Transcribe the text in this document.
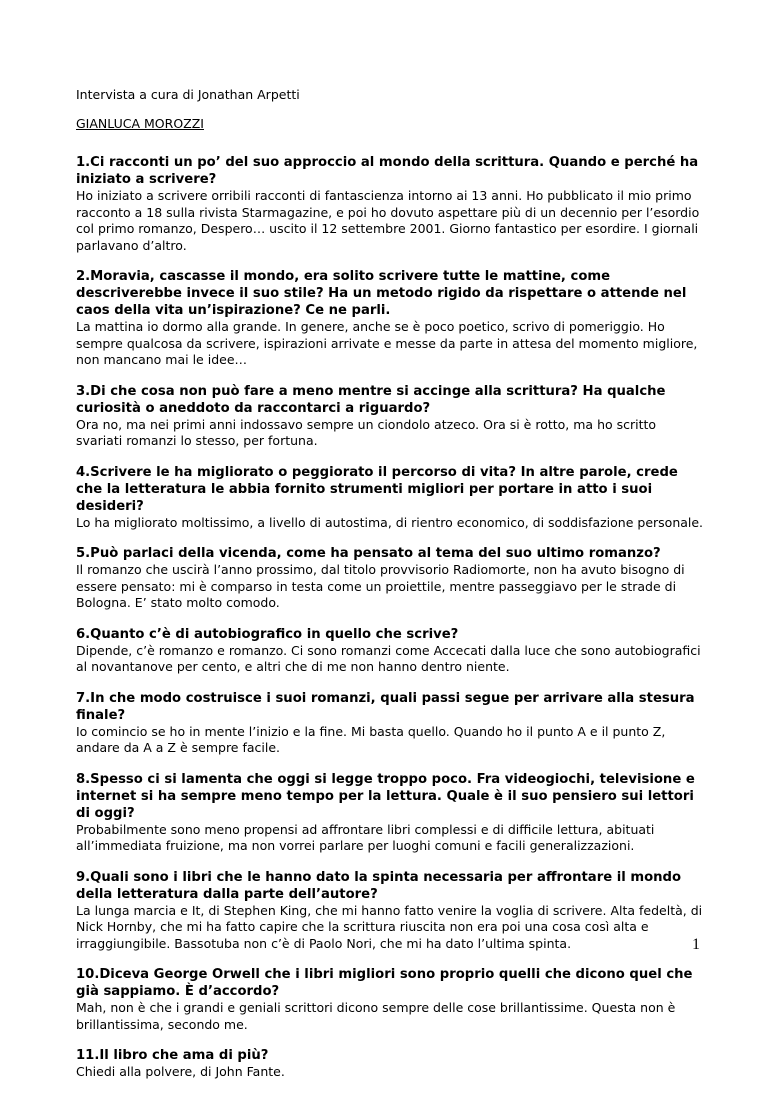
Intervista a cura di Jonathan Arpetti

GIANLUCA MOROZZI

1.Ci racconti un po’ del suo approccio al mondo della scrittura. Quando e perché ha iniziato a scrivere?

Ho iniziato a scrivere orribili racconti di fantascienza intorno ai 13 anni. Ho pubblicato il mio primo racconto a 18 sulla rivista Starmagazine, e poi ho dovuto aspettare più di un decennio per l’esordio col primo romanzo, Despero… uscito il 12 settembre 2001. Giorno fantastico per esordire. I giornali parlavano d’altro.

2.Moravia, cascasse il mondo, era solito scrivere tutte le mattine, come descriverebbe invece il suo stile? Ha un metodo rigido da rispettare o attende nel caos della vita un’ispirazione? Ce ne parli.

La mattina io dormo alla grande. In genere, anche se è poco poetico, scrivo di pomeriggio. Ho sempre qualcosa da scrivere, ispirazioni arrivate e messe da parte in attesa del momento migliore, non mancano mai le idee…

3.Di che cosa non può fare a meno mentre si accinge alla scrittura? Ha qualche curiosità o aneddoto da raccontarci a riguardo?

Ora no, ma nei primi anni indossavo sempre un ciondolo atzeco. Ora si è rotto, ma ho scritto svariati romanzi lo stesso, per fortuna.

4.Scrivere le ha migliorato o peggiorato il percorso di vita? In altre parole, crede che la letteratura le abbia fornito strumenti migliori per portare in atto i suoi desideri?

Lo ha migliorato moltissimo, a livello di autostima, di rientro economico, di soddisfazione personale.

5.Può parlaci della vicenda, come ha pensato al tema del suo ultimo romanzo?

Il romanzo che uscirà l’anno prossimo, dal titolo provvisorio Radiomorte, non ha avuto bisogno di essere pensato: mi è comparso in testa come un proiettile, mentre passeggiavo per le strade di Bologna. E’ stato molto comodo.

6.Quanto c’è di autobiografico in quello che scrive?

Dipende, c’è romanzo e romanzo. Ci sono romanzi come Accecati dalla luce che sono autobiografici al novantanove per cento, e altri che di me non hanno dentro niente.

7.In che modo costruisce i suoi romanzi, quali passi segue per arrivare alla stesura finale?

Io comincio se ho in mente l’inizio e la fine. Mi basta quello. Quando ho il punto A e il punto Z, andare da A a Z è sempre facile.

8.Spesso ci si lamenta che oggi si legge troppo poco. Fra videogiochi, televisione e internet si ha sempre meno tempo per la lettura. Quale è il suo pensiero sui lettori di oggi?

Probabilmente sono meno propensi ad affrontare libri complessi e di difficile lettura, abituati all’immediata fruizione, ma non vorrei parlare per luoghi comuni e facili generalizzazioni.

9.Quali sono i libri che le hanno dato la spinta necessaria per affrontare il mondo della letteratura dalla parte dell’autore?

La lunga marcia e It, di Stephen King, che mi hanno fatto venire la voglia di scrivere. Alta fedeltà, di Nick Hornby, che mi ha fatto capire che la scrittura riuscita non era poi una cosa così alta e irraggiungibile. Bassotuba non c’è di Paolo Nori, che mi ha dato l’ultima spinta.

10.Diceva George Orwell che i libri migliori sono proprio quelli che dicono quel che già sappiamo. È d’accordo?

Mah, non è che i grandi e geniali scrittori dicono sempre delle cose brillantissime. Questa non è brillantissima, secondo me.

11.Il libro che ama di più?

Chiedi alla polvere, di John Fante.

1
